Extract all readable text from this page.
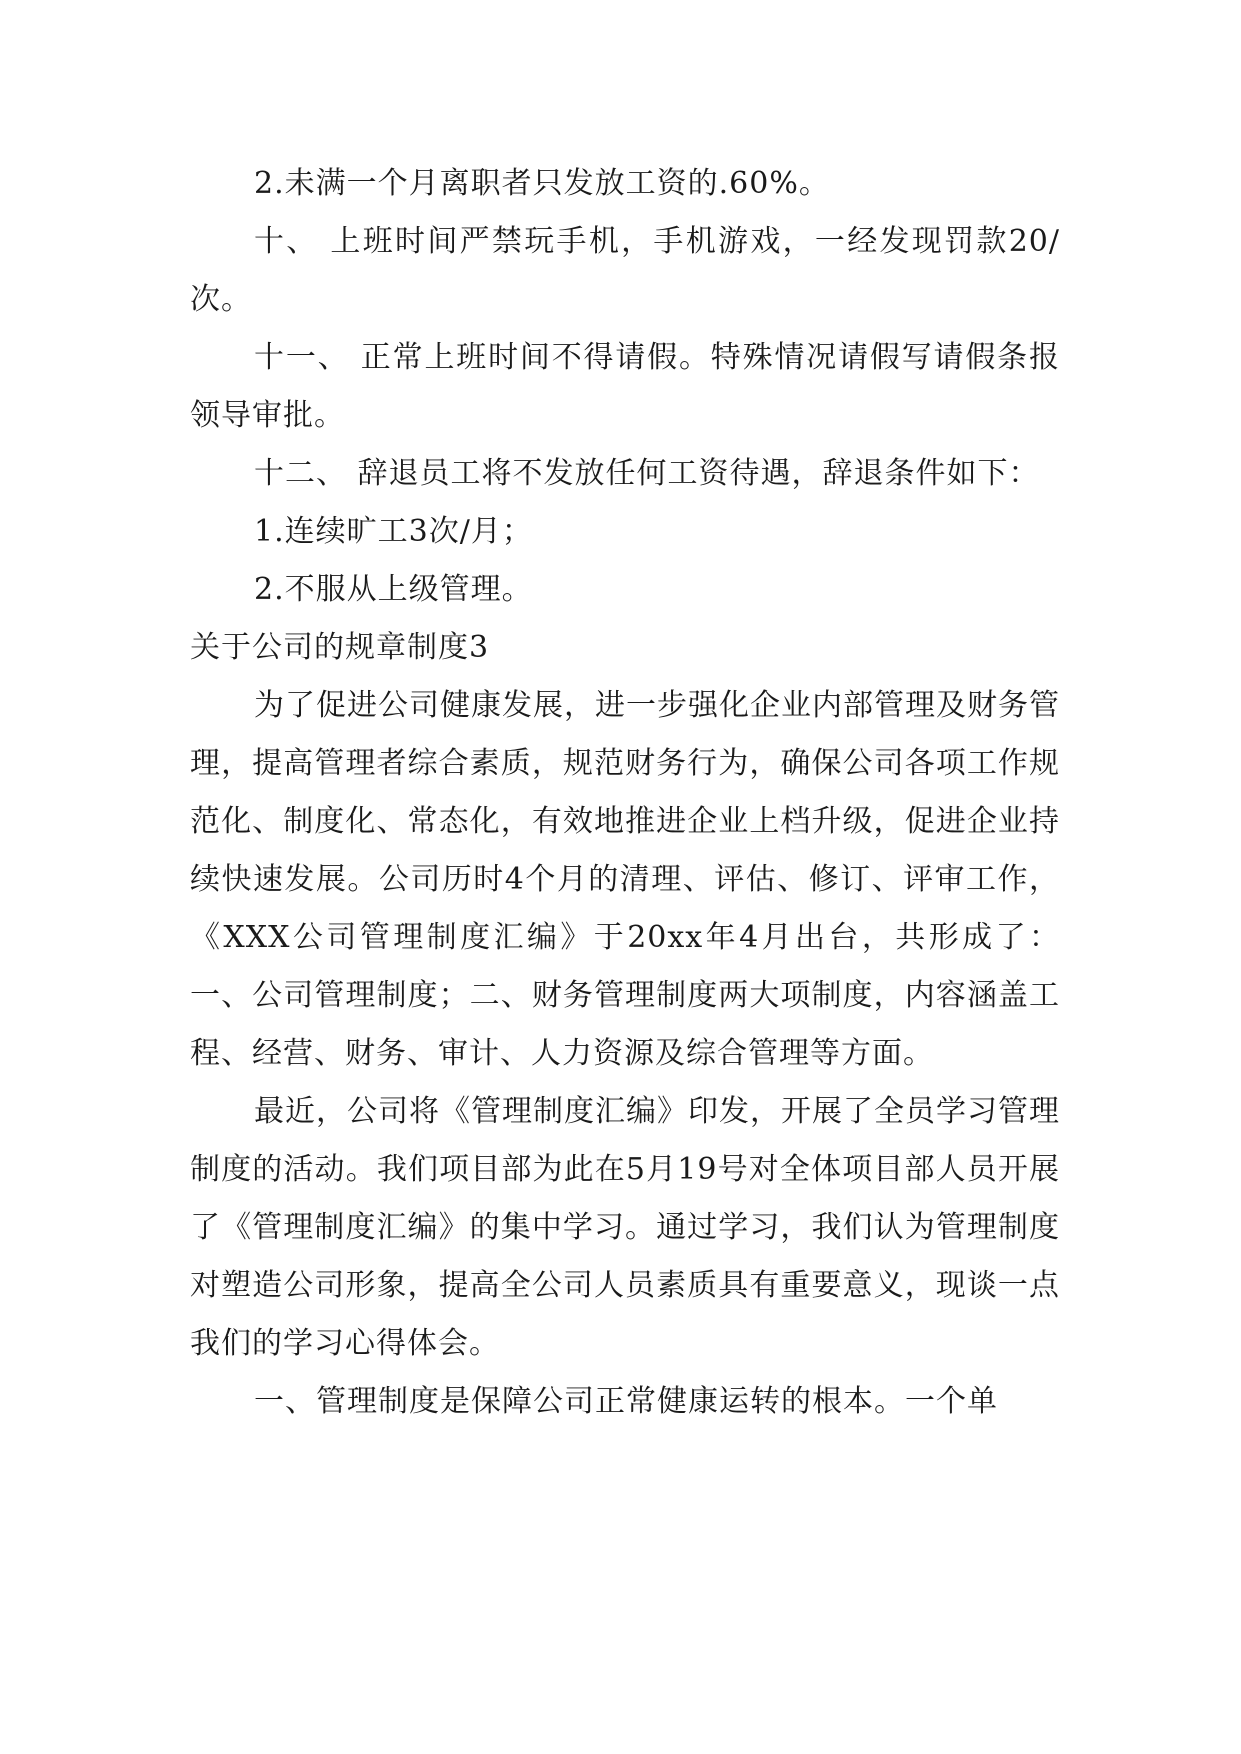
2.未满一个月离职者只发放工资的.60%。

十、 上班时间严禁玩手机，手机游戏，一经发现罚款20/次。

十一、 正常上班时间不得请假。特殊情况请假写请假条报领导审批。

十二、 辞退员工将不发放任何工资待遇，辞退条件如下：

1.连续旷工3次/月；

2.不服从上级管理。

关于公司的规章制度3

为了促进公司健康发展，进一步强化企业内部管理及财务管理，提高管理者综合素质，规范财务行为，确保公司各项工作规范化、制度化、常态化，有效地推进企业上档升级，促进企业持续快速发展。公司历时4个月的清理、评估、修订、评审工作，《XXX公司管理制度汇编》于20xx年4月出台，共形成了：一、公司管理制度；二、财务管理制度两大项制度，内容涵盖工程、经营、财务、审计、人力资源及综合管理等方面。

最近，公司将《管理制度汇编》印发，开展了全员学习管理制度的活动。我们项目部为此在5月19号对全体项目部人员开展了《管理制度汇编》的集中学习。通过学习，我们认为管理制度对塑造公司形象，提高全公司人员素质具有重要意义，现谈一点我们的学习心得体会。

一、管理制度是保障公司正常健康运转的根本。一个单
